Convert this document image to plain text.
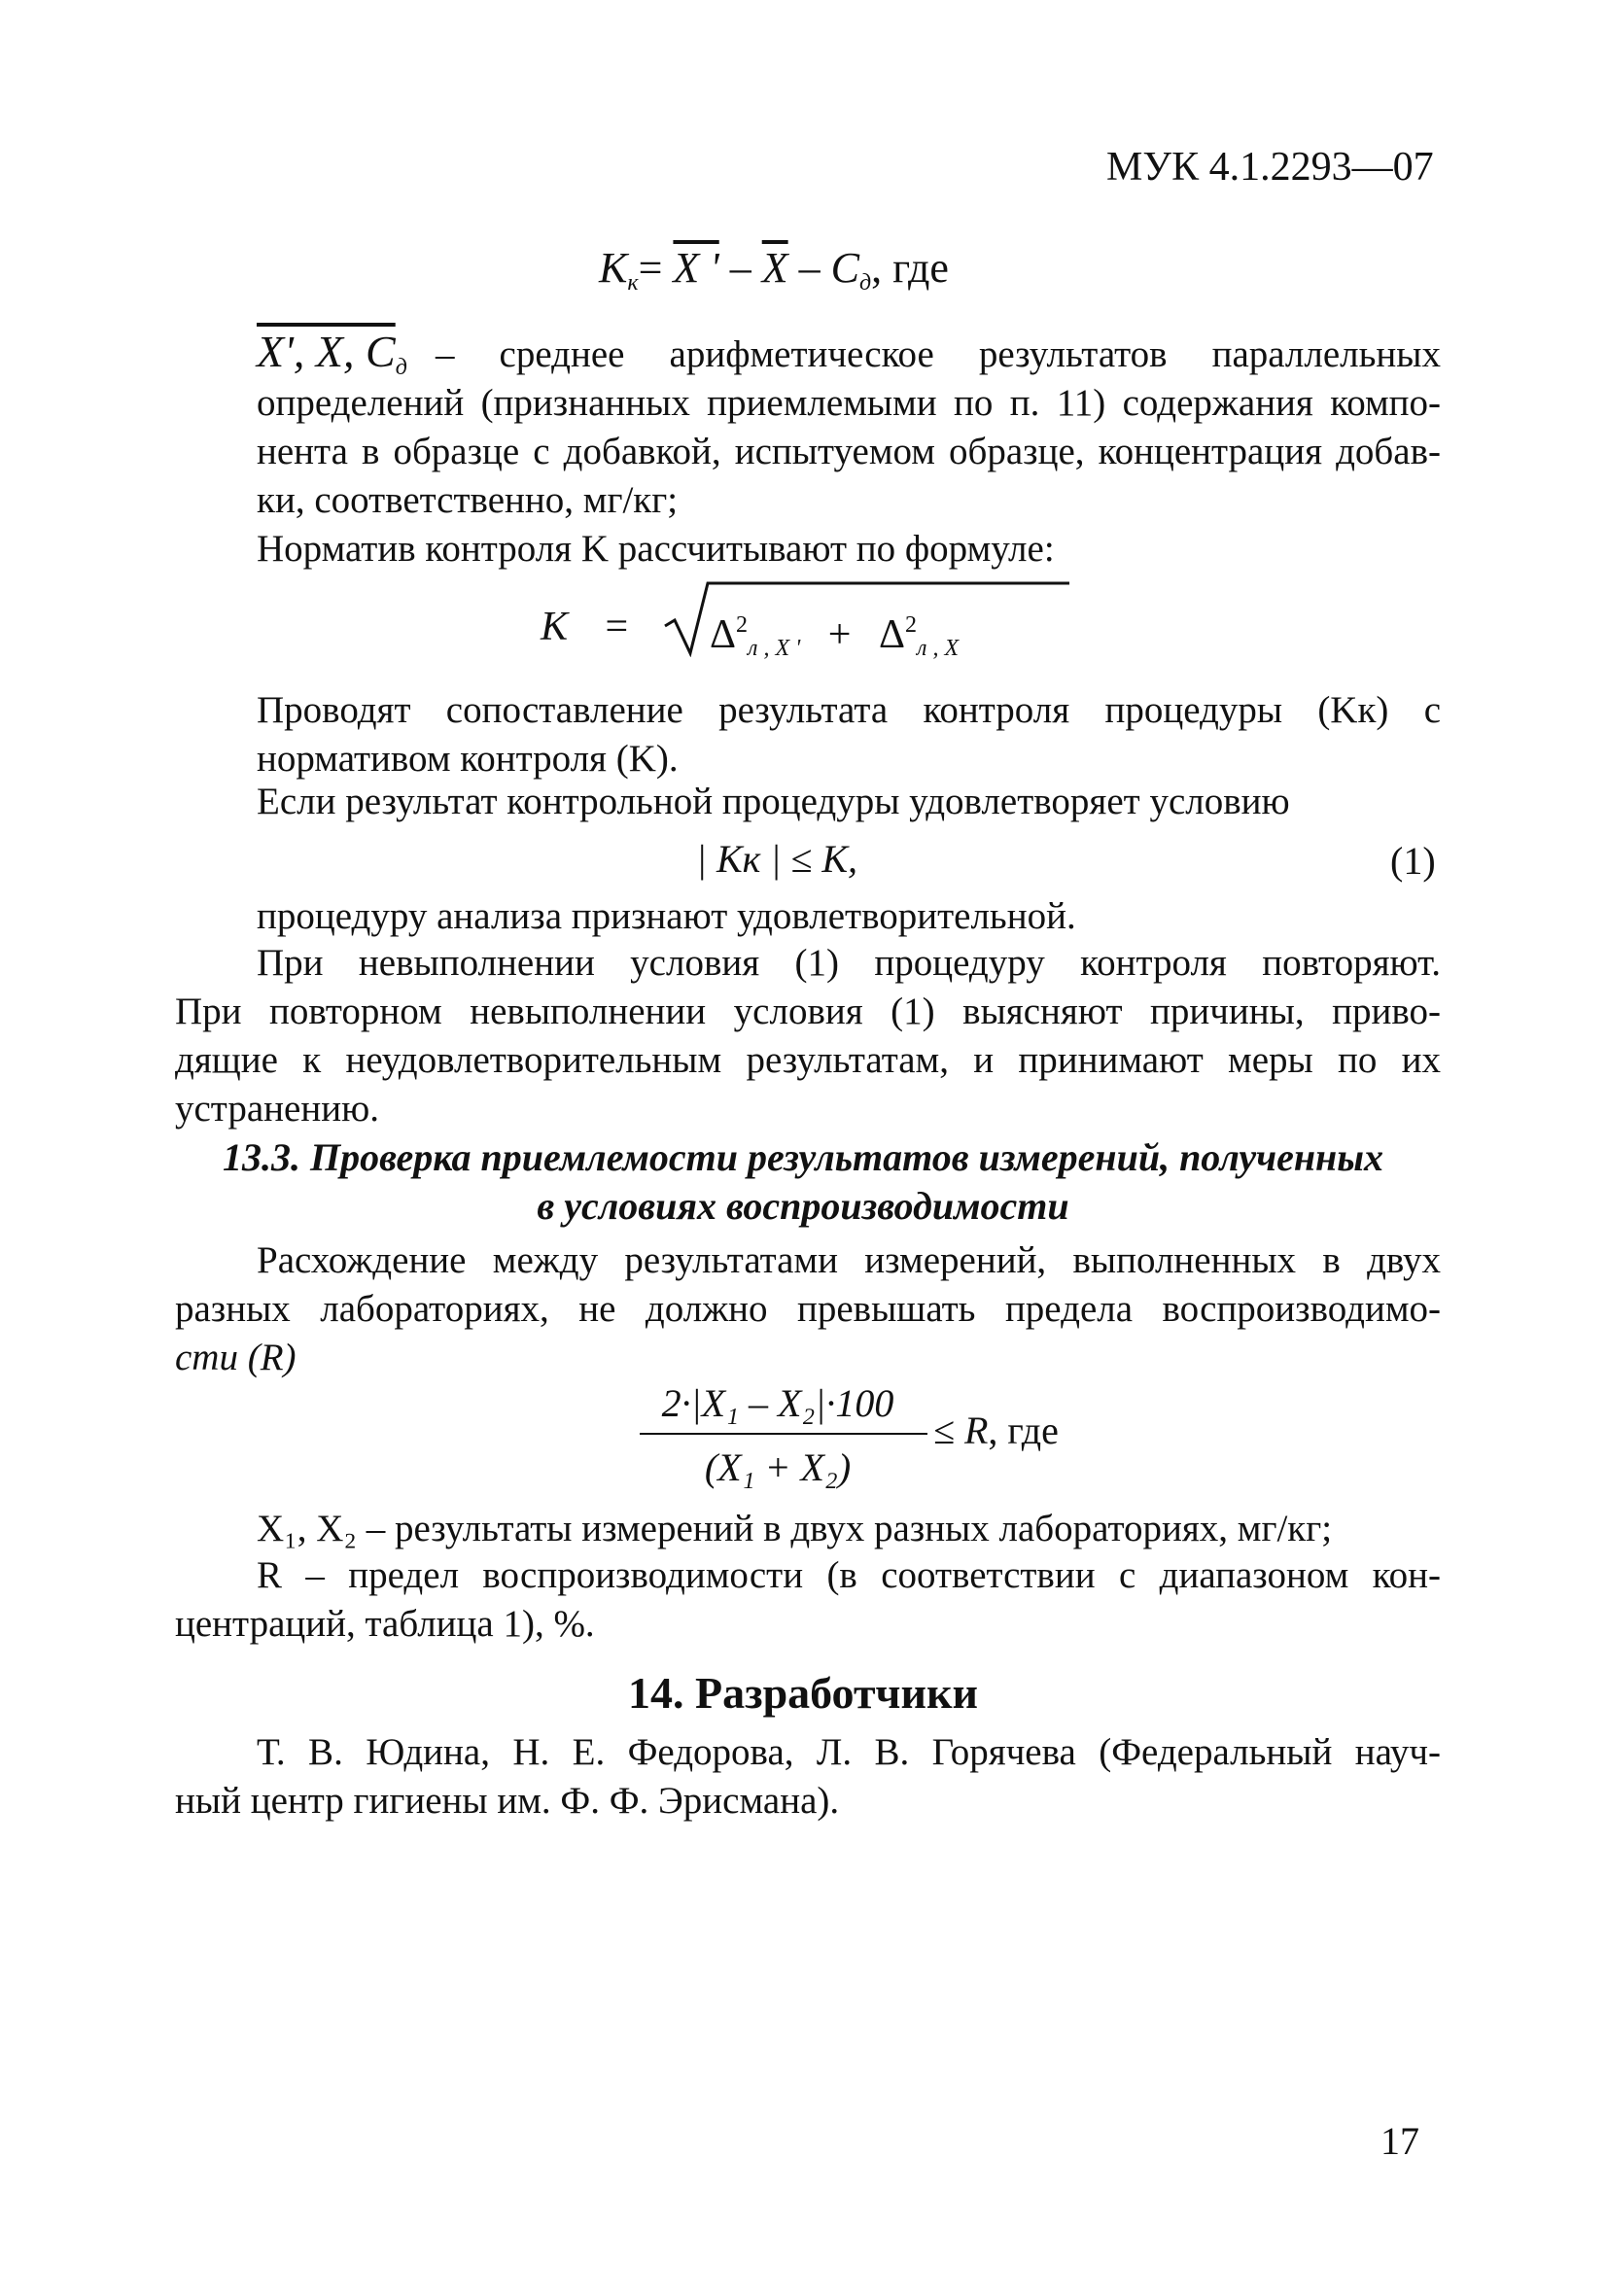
МУК 4.1.2293—07
$K_к= X$ ' – $\overline{X} - C_д$, где
X', X, $C_д$ – среднее арифметическое результатов параллельных
определений (признанных приемлемыми по п. 11) содержания компо-
нента в образце с добавкой, испытуемом образце, концентрация добав-
ки, соответственно, мг/кг;
Норматив контроля K рассчитывают по формуле:
$K = \Delta^2_{л , X '} + \Delta^2_{л , X}$
Проводят сопоставление результата контроля процедуры (Kк) с
нормативом контроля (K).
Если результат контрольной процедуры удовлетворяет условию
| Kк | ≤ K,	(1)
процедуру анализа признают удовлетворительной.
При невыполнении условия (1) процедуру контроля повторяют.
При повторном невыполнении условия (1) выясняют причины, приво-
дящие к неудовлетворительным результатам, и принимают меры по их
устранению.
13.3. Проверка приемлемости результатов измерений, полученных
в условиях воспроизводимости
Расхождение между результатами измерений, выполненных в двух
разных лабораториях, не должно превышать предела воспроизводимо-
сти (R)
2·|X₁ – X₂|·100
(X₁ + X₂)
≤ R, где
X₁, X₂ – результаты измерений в двух разных лабораториях, мг/кг;
R – предел воспроизводимости (в соответствии с диапазоном кон-
центраций, таблица 1), %.
14. Разработчики
Т. В. Юдина, Н. Е. Федорова, Л. В. Горячева (Федеральный науч-
ный центр гигиены им. Ф. Ф. Эрисмана).
17
